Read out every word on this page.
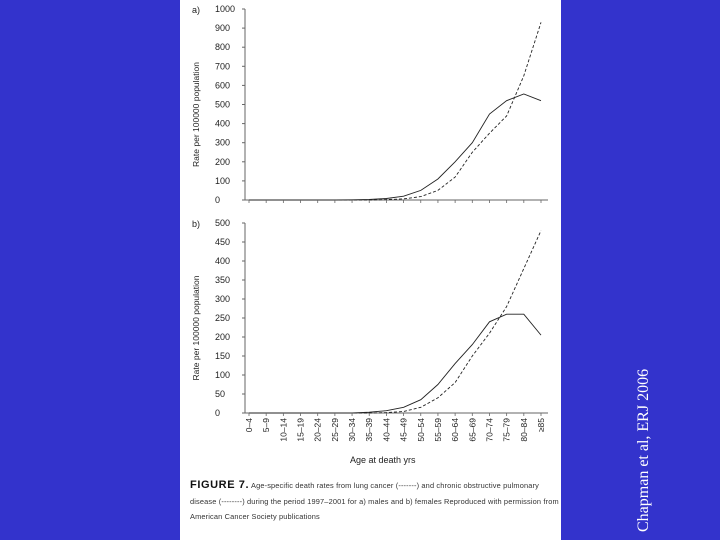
a)
0
100
200
300
400
500
600
700
800
900
1000
Rate per 100000 population
b)
0
50
100
150
200
250
300
350
400
450
500
Rate per 100000 population
0–4 5–9 10–14 15–19 20–24 25–29 30–34 35–39 40–44 45–49 50–54 55–59 60–64 65–69 70–74 75–79 80–84 ≥85
Age at death yrs
FIGURE 7. Age-specific death rates from lung cancer (-------) and chronic obstructive pulmonary disease (--------) during the period 1997–2001 for a) males and b) females Reproduced with permission from American Cancer Society publications	Chapman et al, ERJ 2006
